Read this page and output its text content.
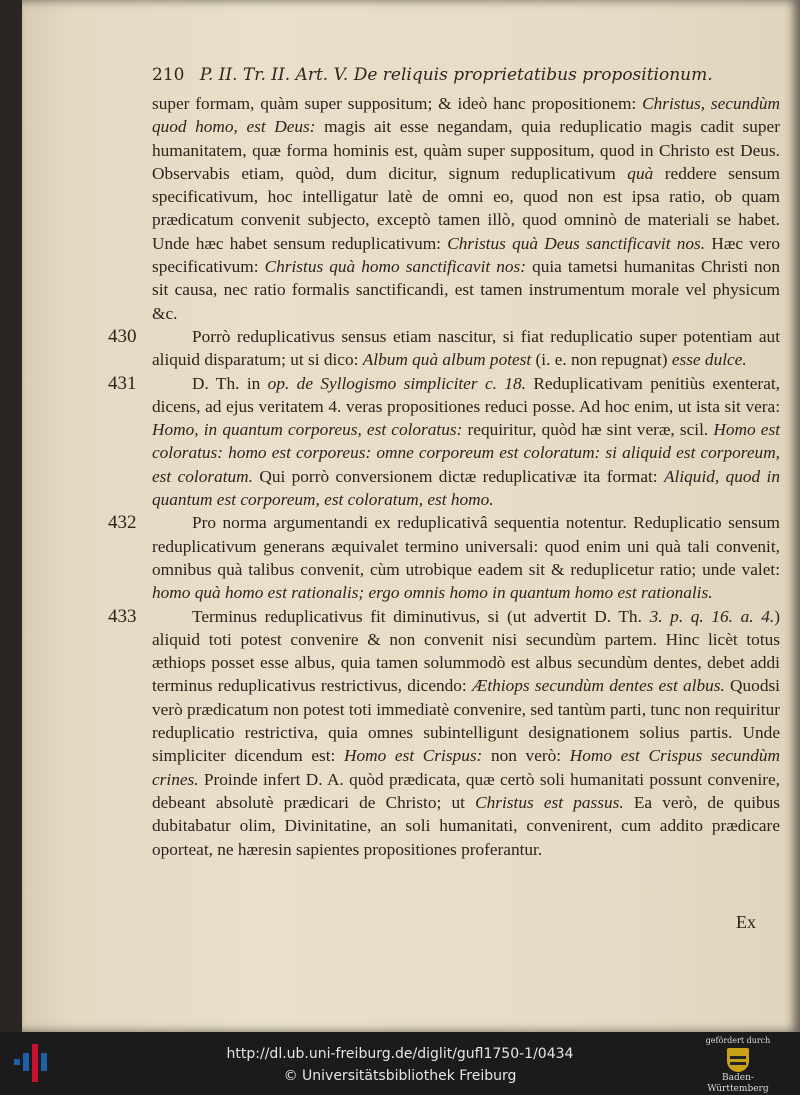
210 P. II. Tr. II. Art. V. De reliquis proprietatibus propositionum.

super formam, quàm super suppositum; & ideò hanc propositionem: Christus, secundùm quod homo, est Deus: magis ait esse negandam, quia reduplicatio magis cadit super humanitatem, quæ forma hominis est, quàm super suppositum, quod in Christo est Deus. Observabis etiam, quòd, dum dicitur, signum reduplicativum quà reddere sensum specificativum, hoc intelligatur latè de omni eo, quod non est ipsa ratio, ob quam prædicatum convenit subjecto, exceptò tamen illò, quod omninò de materiali se habet. Unde hæc habet sensum reduplicativum: Christus quà Deus sanctificavit nos. Hæc vero specificativum: Christus quà homo sanctificavit nos: quia tametsi humanitas Christi non sit causa, nec ratio formalis sanctificandi, est tamen instrumentum morale vel physicum &c.

430	Porrò reduplicativus sensus etiam nascitur, si fiat reduplicatio super potentiam aut aliquid disparatum; ut si dico: Album quà album potest (i. e. non repugnat) esse dulce.

431	D. Th. in op. de Syllogismo simpliciter c. 18. Reduplicativam penitiùs exenterat, dicens, ad ejus veritatem 4. veras propositiones reduci posse. Ad hoc enim, ut ista sit vera: Homo, in quantum corporeus, est coloratus: requiritur, quòd hæ sint veræ, scil. Homo est coloratus: homo est corporeus: omne corporeum est coloratum: si aliquid est corporeum, est coloratum. Qui porrò conversionem dictæ reduplicativæ ita format: Aliquid, quod in quantum est corporeum, est coloratum, est homo.

432	Pro norma argumentandi ex reduplicativâ sequentia notentur. Reduplicatio sensum reduplicativum generans æquivalet termino universali: quod enim uni quà tali convenit, omnibus quà talibus convenit, cùm utrobique eadem sit & reduplicetur ratio; unde valet: homo quà homo est rationalis; ergo omnis homo in quantum homo est rationalis.

433	Terminus reduplicativus fit diminutivus, si (ut advertit D. Th. 3. p. q. 16. a. 4.) aliquid toti potest convenire & non convenit nisi secundùm partem. Hinc licèt totus æthiops posset esse albus, quia tamen solummodò est albus secundùm dentes, debet addi terminus reduplicativus restrictivus, dicendo: Æthiops secundùm dentes est albus. Quodsi verò prædicatum non potest toti immediatè convenire, sed tantùm parti, tunc non requiritur reduplicatio restrictiva, quia omnes subintelligunt designationem solius partis. Unde simpliciter dicendum est: Homo est Crispus: non verò: Homo est Crispus secundùm crines. Proinde infert D. A. quòd prædicata, quæ certò soli humanitati possunt convenire, debeant absolutè prædicari de Christo; ut Christus est passus. Ea verò, de quibus dubitabatur olim, Divinitatine, an soli humanitati, convenirent, cum addito prædicare oporteat, ne hæresin sapientes propositiones proferantur.

Ex
http://dl.ub.uni-freiburg.de/diglit/gufl1750-1/0434
© Universitätsbibliothek Freiburg
gefördert durch
Baden-Württemberg
